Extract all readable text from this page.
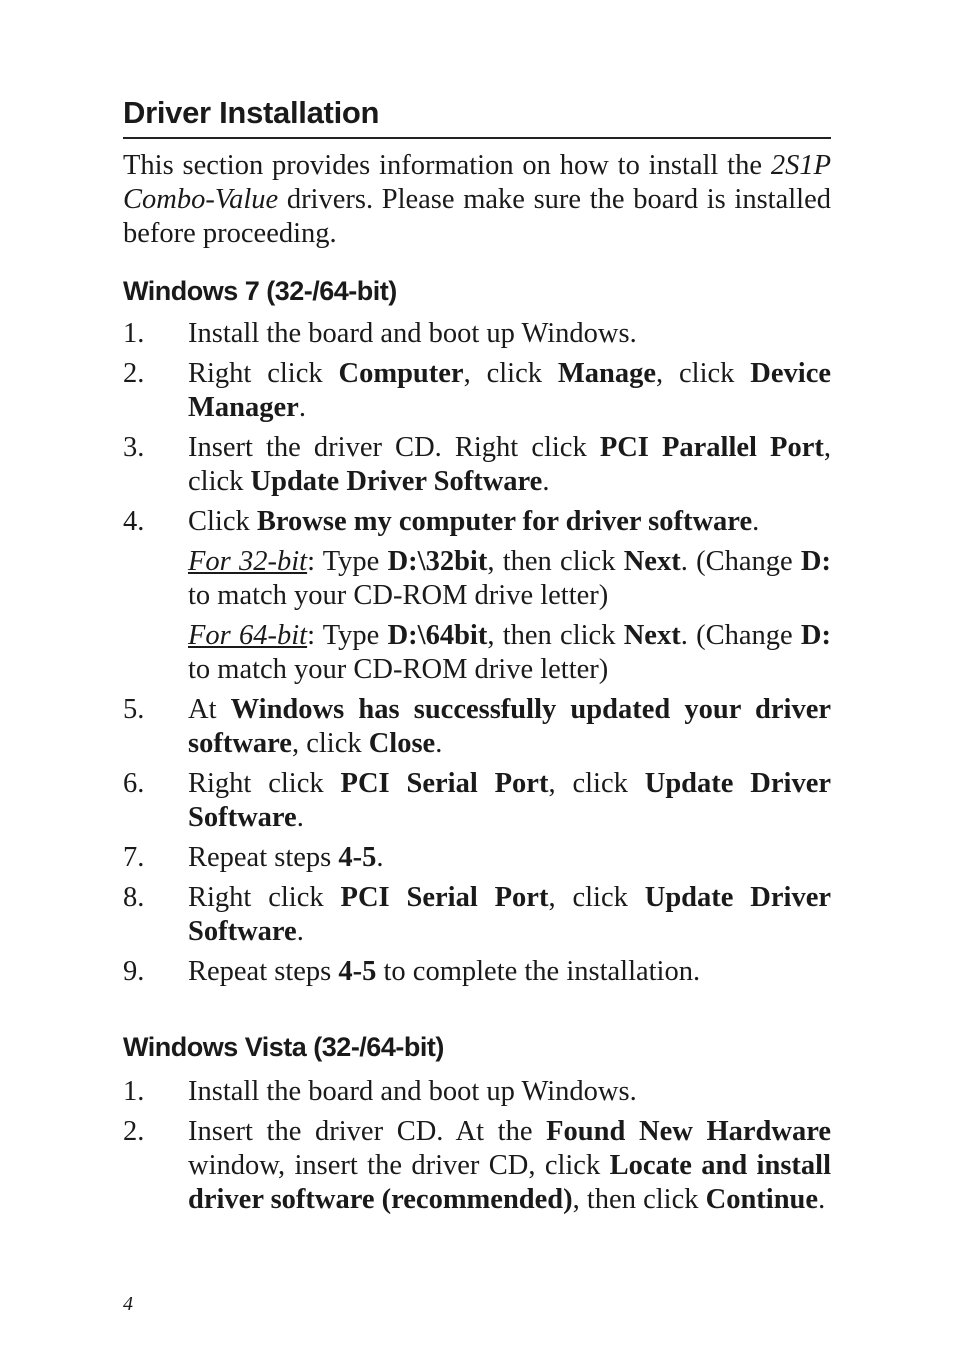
Driver Installation

This section provides information on how to install the 2S1P Combo-Value drivers. Please make sure the board is installed before proceeding.

Windows 7 (32-/64-bit)
1.	Install the board and boot up Windows.
2.	Right click Computer, click Manage, click Device Manager.
3.	Insert the driver CD. Right click PCI Parallel Port, click Update Driver Software.
4.	Click Browse my computer for driver software.
For 32-bit: Type D:\32bit, then click Next. (Change D: to match your CD-ROM drive letter)
For 64-bit: Type D:\64bit, then click Next. (Change D: to match your CD-ROM drive letter)
5.	At Windows has successfully updated your driver software, click Close.
6.	Right click PCI Serial Port, click Update Driver Software.
7.	Repeat steps 4-5.
8.	Right click PCI Serial Port, click Update Driver Software.
9.	Repeat steps 4-5 to complete the installation.
Windows Vista (32-/64-bit)
1.	Install the board and boot up Windows.
2.	Insert the driver CD. At the Found New Hardware window, insert the driver CD, click Locate and install driver software (recommended), then click Continue.
4
